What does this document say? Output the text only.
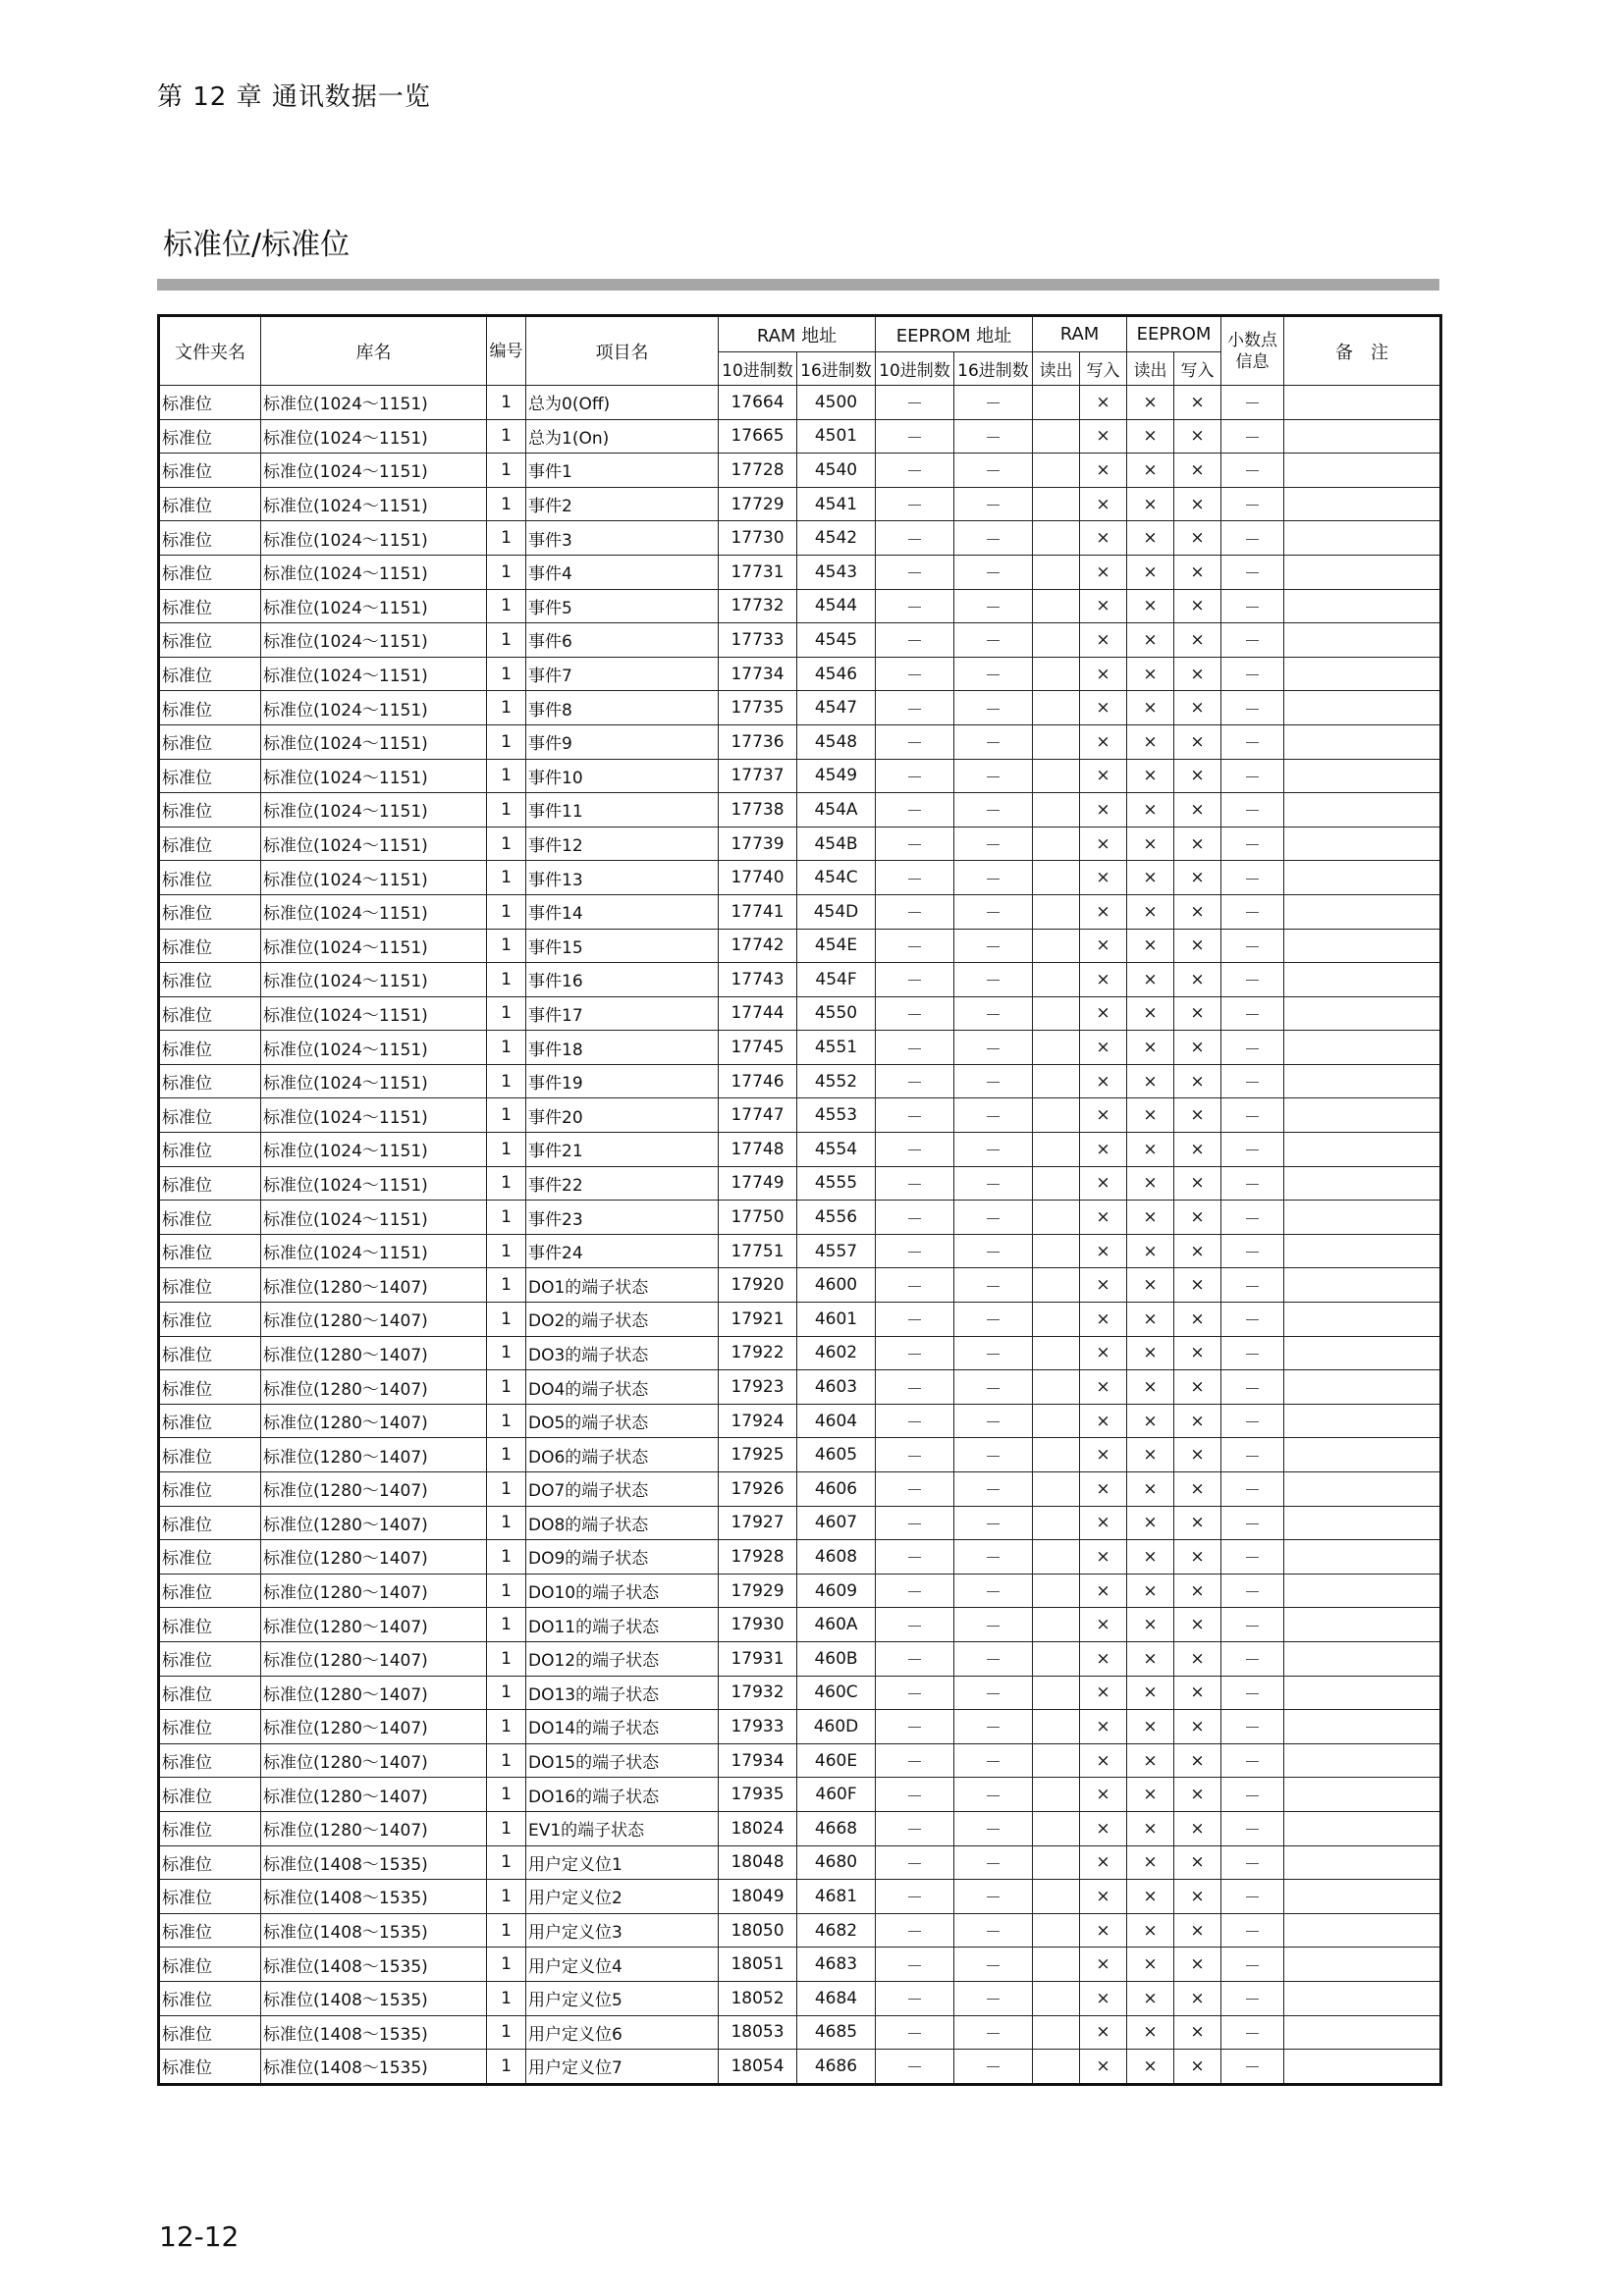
第 12 章 通讯数据一览
标准位/标准位
文件夹名	库名	编号	项目名	RAM 地址		EEPROM 地址		RAM		EEPROM		小数点信息	备　注
				10进制数	16进制数	10进制数	16进制数	读出	写入	读出	写入		
标准位	标准位(1024～1151)	1	总为0(Off)	17664	4500	－	－		×	×	×	－	
标准位	标准位(1024～1151)	1	总为1(On)	17665	4501	－	－		×	×	×	－	
标准位	标准位(1024～1151)	1	事件1	17728	4540	－	－		×	×	×	－	
标准位	标准位(1024～1151)	1	事件2	17729	4541	－	－		×	×	×	－	
标准位	标准位(1024～1151)	1	事件3	17730	4542	－	－		×	×	×	－	
标准位	标准位(1024～1151)	1	事件4	17731	4543	－	－		×	×	×	－	
标准位	标准位(1024～1151)	1	事件5	17732	4544	－	－		×	×	×	－	
标准位	标准位(1024～1151)	1	事件6	17733	4545	－	－		×	×	×	－	
标准位	标准位(1024～1151)	1	事件7	17734	4546	－	－		×	×	×	－	
标准位	标准位(1024～1151)	1	事件8	17735	4547	－	－		×	×	×	－	
标准位	标准位(1024～1151)	1	事件9	17736	4548	－	－		×	×	×	－	
标准位	标准位(1024～1151)	1	事件10	17737	4549	－	－		×	×	×	－	
标准位	标准位(1024～1151)	1	事件11	17738	454A	－	－		×	×	×	－	
标准位	标准位(1024～1151)	1	事件12	17739	454B	－	－		×	×	×	－	
标准位	标准位(1024～1151)	1	事件13	17740	454C	－	－		×	×	×	－	
标准位	标准位(1024～1151)	1	事件14	17741	454D	－	－		×	×	×	－	
标准位	标准位(1024～1151)	1	事件15	17742	454E	－	－		×	×	×	－	
标准位	标准位(1024～1151)	1	事件16	17743	454F	－	－		×	×	×	－	
标准位	标准位(1024～1151)	1	事件17	17744	4550	－	－		×	×	×	－	
标准位	标准位(1024～1151)	1	事件18	17745	4551	－	－		×	×	×	－	
标准位	标准位(1024～1151)	1	事件19	17746	4552	－	－		×	×	×	－	
标准位	标准位(1024～1151)	1	事件20	17747	4553	－	－		×	×	×	－	
标准位	标准位(1024～1151)	1	事件21	17748	4554	－	－		×	×	×	－	
标准位	标准位(1024～1151)	1	事件22	17749	4555	－	－		×	×	×	－	
标准位	标准位(1024～1151)	1	事件23	17750	4556	－	－		×	×	×	－	
标准位	标准位(1024～1151)	1	事件24	17751	4557	－	－		×	×	×	－	
标准位	标准位(1280～1407)	1	DO1的端子状态	17920	4600	－	－		×	×	×	－	
标准位	标准位(1280～1407)	1	DO2的端子状态	17921	4601	－	－		×	×	×	－	
标准位	标准位(1280～1407)	1	DO3的端子状态	17922	4602	－	－		×	×	×	－	
标准位	标准位(1280～1407)	1	DO4的端子状态	17923	4603	－	－		×	×	×	－	
标准位	标准位(1280～1407)	1	DO5的端子状态	17924	4604	－	－		×	×	×	－	
标准位	标准位(1280～1407)	1	DO6的端子状态	17925	4605	－	－		×	×	×	－	
标准位	标准位(1280～1407)	1	DO7的端子状态	17926	4606	－	－		×	×	×	－	
标准位	标准位(1280～1407)	1	DO8的端子状态	17927	4607	－	－		×	×	×	－	
标准位	标准位(1280～1407)	1	DO9的端子状态	17928	4608	－	－		×	×	×	－	
标准位	标准位(1280～1407)	1	DO10的端子状态	17929	4609	－	－		×	×	×	－	
标准位	标准位(1280～1407)	1	DO11的端子状态	17930	460A	－	－		×	×	×	－	
标准位	标准位(1280～1407)	1	DO12的端子状态	17931	460B	－	－		×	×	×	－	
标准位	标准位(1280～1407)	1	DO13的端子状态	17932	460C	－	－		×	×	×	－	
标准位	标准位(1280～1407)	1	DO14的端子状态	17933	460D	－	－		×	×	×	－	
标准位	标准位(1280～1407)	1	DO15的端子状态	17934	460E	－	－		×	×	×	－	
标准位	标准位(1280～1407)	1	DO16的端子状态	17935	460F	－	－		×	×	×	－	
标准位	标准位(1280～1407)	1	EV1的端子状态	18024	4668	－	－		×	×	×	－	
标准位	标准位(1408～1535)	1	用户定义位1	18048	4680	－	－		×	×	×	－	
标准位	标准位(1408～1535)	1	用户定义位2	18049	4681	－	－		×	×	×	－	
标准位	标准位(1408～1535)	1	用户定义位3	18050	4682	－	－		×	×	×	－	
标准位	标准位(1408～1535)	1	用户定义位4	18051	4683	－	－		×	×	×	－	
标准位	标准位(1408～1535)	1	用户定义位5	18052	4684	－	－		×	×	×	－	
标准位	标准位(1408～1535)	1	用户定义位6	18053	4685	－	－		×	×	×	－	
标准位	标准位(1408～1535)	1	用户定义位7	18054	4686	－	－		×	×	×	－	
12-12
